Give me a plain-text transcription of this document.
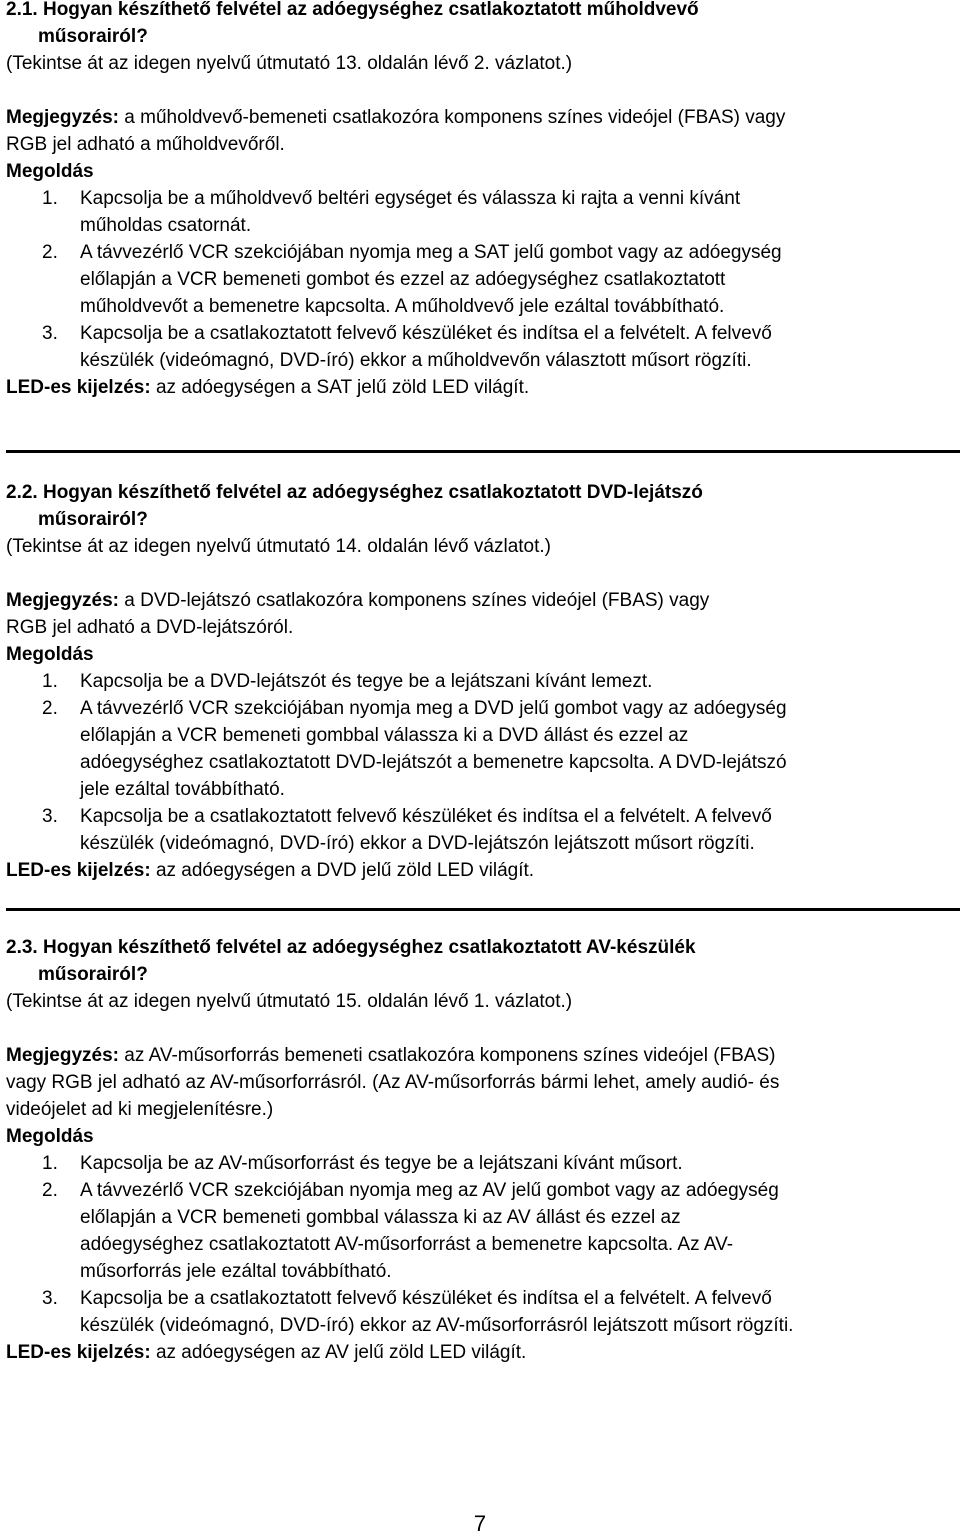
2.1. Hogyan készíthető felvétel az adóegységhez csatlakoztatott műholdvevő
műsorairól?
(Tekintse át az idegen nyelvű útmutató 13. oldalán lévő 2. vázlatot.)
Megjegyzés: a műholdvevő-bemeneti csatlakozóra komponens színes videójel (FBAS) vagy
RGB jel adható a műholdvevőről.
Megoldás
1. Kapcsolja be a műholdvevő beltéri egységet és válassza ki rajta a venni kívánt
műholdas csatornát.
2. A távvezérlő VCR szekciójában nyomja meg a SAT jelű gombot vagy az adóegység
előlapján a VCR bemeneti gombot és ezzel az adóegységhez csatlakoztatott
műholdvevőt a bemenetre kapcsolta. A műholdvevő jele ezáltal továbbítható.
3. Kapcsolja be a csatlakoztatott felvevő készüléket és indítsa el a felvételt. A felvevő
készülék (videómagnó, DVD-író) ekkor a műholdvevőn választott műsort rögzíti.
LED-es kijelzés: az adóegységen a SAT jelű zöld LED világít.
2.2. Hogyan készíthető felvétel az adóegységhez csatlakoztatott DVD-lejátszó
műsorairól?
(Tekintse át az idegen nyelvű útmutató 14. oldalán lévő vázlatot.)
Megjegyzés: a DVD-lejátszó csatlakozóra komponens színes videójel (FBAS) vagy
RGB jel adható a DVD-lejátszóról.
Megoldás
1. Kapcsolja be a DVD-lejátszót és tegye be a lejátszani kívánt lemezt.
2. A távvezérlő VCR szekciójában nyomja meg a DVD jelű gombot vagy az adóegység
előlapján a VCR bemeneti gombbal válassza ki a DVD állást és ezzel az
adóegységhez csatlakoztatott DVD-lejátszót a bemenetre kapcsolta. A DVD-lejátszó
jele ezáltal továbbítható.
3. Kapcsolja be a csatlakoztatott felvevő készüléket és indítsa el a felvételt. A felvevő
készülék (videómagnó, DVD-író) ekkor a DVD-lejátszón lejátszott műsort rögzíti.
LED-es kijelzés: az adóegységen a DVD jelű zöld LED világít.
2.3. Hogyan készíthető felvétel az adóegységhez csatlakoztatott AV-készülék
műsorairól?
(Tekintse át az idegen nyelvű útmutató 15. oldalán lévő 1. vázlatot.)
Megjegyzés: az AV-műsorforrás bemeneti csatlakozóra komponens színes videójel (FBAS)
vagy RGB jel adható az AV-műsorforrásról. (Az AV-műsorforrás bármi lehet, amely audió- és
videójelet ad ki megjelenítésre.)
Megoldás
1. Kapcsolja be az AV-műsorforrást és tegye be a lejátszani kívánt műsort.
2. A távvezérlő VCR szekciójában nyomja meg az AV jelű gombot vagy az adóegység
előlapján a VCR bemeneti gombbal válassza ki az AV állást és ezzel az
adóegységhez csatlakoztatott AV-műsorforrást a bemenetre kapcsolta. Az AV-
műsorforrás jele ezáltal továbbítható.
3. Kapcsolja be a csatlakoztatott felvevő készüléket és indítsa el a felvételt. A felvevő
készülék (videómagnó, DVD-író) ekkor az AV-műsorforrásról lejátszott műsort rögzíti.
LED-es kijelzés: az adóegységen az AV jelű zöld LED világít.
7
